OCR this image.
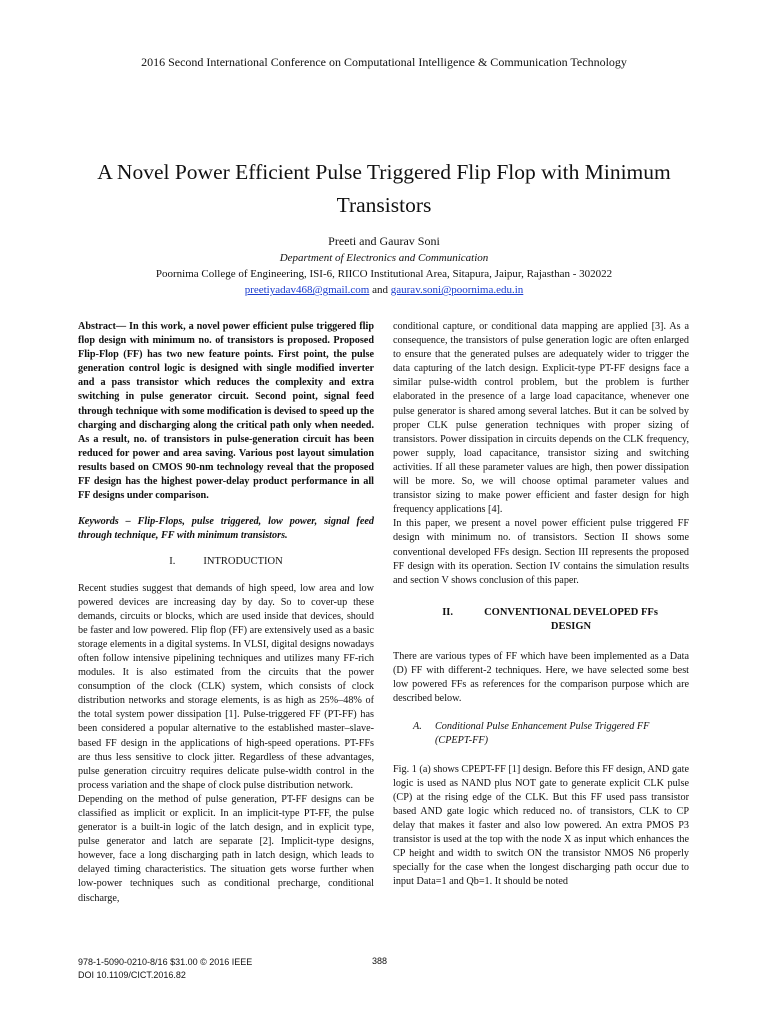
2016 Second International Conference on Computational Intelligence & Communication Technology
A Novel Power Efficient Pulse Triggered Flip Flop with Minimum
Transistors
Preeti and Gaurav Soni
Department of Electronics and Communication
Poornima College of Engineering, ISI-6, RIICO Institutional Area, Sitapura, Jaipur, Rajasthan - 302022
preetiyadav468@gmail.com and gaurav.soni@poornima.edu.in

Abstract— In this work, a novel power efficient pulse triggered flip flop design with minimum no. of transistors is proposed. Proposed Flip-Flop (FF) has two new feature points. First point, the pulse generation control logic is designed with single modified inverter and a pass transistor which reduces the complexity and extra switching in pulse generator circuit. Second point, signal feed through technique with some modification is devised to speed up the charging and discharging along the critical path only when needed. As a result, no. of transistors in pulse-generation circuit has been reduced for power and area saving. Various post layout simulation results based on CMOS 90-nm technology reveal that the proposed FF design has the highest power-delay product performance in all FF designs under comparison.

Keywords – Flip-Flops, pulse triggered, low power, signal feed through technique, FF with minimum transistors.

I.	INTRODUCTION

Recent studies suggest that demands of high speed, low area and low powered devices are increasing day by day. So to cover-up these demands, circuits or blocks, which are used inside that devices, should be faster and low powered. Flip flop (FF) are extensively used as a basic storage elements in a digital systems. In VLSI, digital designs nowadays often follow intensive pipelining techniques and utilizes many FF-rich modules. It is also estimated from the circuits that the power consumption of the clock (CLK) system, which consists of clock distribution networks and storage elements, is as high as 25%–48% of the total system power dissipation [1]. Pulse-triggered FF (PT-FF) has been considered a popular alternative to the established master–slave-based FF design in the applications of high-speed operations. PT-FFs are thus less sensitive to clock jitter. Regardless of these advantages, pulse generation circuitry requires delicate pulse-width control in the process variation and the shape of clock pulse distribution network.

Depending on the method of pulse generation, PT-FF designs can be classified as implicit or explicit. In an implicit-type PT-FF, the pulse generator is a built-in logic of the latch design, and in explicit type, pulse generator and latch are separate [2]. Implicit-type designs, however, face a long discharging path in latch design, which leads to delayed timing characteristics. The situation gets worse further when low-power techniques such as conditional precharge, conditional discharge,

conditional capture, or conditional data mapping are applied [3]. As a consequence, the transistors of pulse generation logic are often enlarged to ensure that the generated pulses are adequately wider to trigger the data capturing of the latch design. Explicit-type PT-FF designs face a similar pulse-width control problem, but the problem is further elaborated in the presence of a large load capacitance, whenever one pulse generator is shared among several latches. But it can be solved by proper CLK pulse generation techniques with proper sizing of transistors. Power dissipation in circuits depends on the CLK frequency, power supply, load capacitance, transistor sizing and switching activities. If all these parameter values are high, then power dissipation will be more. So, we will choose optimal parameter values and transistor sizing to make power efficient and faster design for high frequency applications [4].

In this paper, we present a novel power efficient pulse triggered FF design with minimum no. of transistors. Section II shows some conventional developed FFs design. Section III represents the proposed FF design with its operation. Section IV contains the simulation results and section V shows conclusion of this paper.

II.	CONVENTIONAL DEVELOPED FFs
DESIGN

There are various types of FF which have been implemented as a Data (D) FF with different-2 techniques. Here, we have selected some best low powered FFs as references for the comparison purpose which are described below.

A.	Conditional Pulse Enhancement Pulse Triggered FF (CPEPT-FF)

Fig. 1 (a) shows CPEPT-FF [1] design. Before this FF design, AND gate logic is used as NAND plus NOT gate to generate explicit CLK pulse (CP) at the rising edge of the CLK. But this FF used pass transistor based AND gate logic which reduced no. of transistors, CLK to CP delay that makes it faster and also low powered. An extra PMOS P3 transistor is used at the top with the node X as input which enhances the CP height and width to switch ON the transistor NMOS N6 properly specially for the case when the longest discharging path occur due to input Data=1 and Qb=1. It should be noted

978-1-5090-0210-8/16 $31.00 © 2016 IEEE
DOI 10.1109/CICT.2016.82
388
